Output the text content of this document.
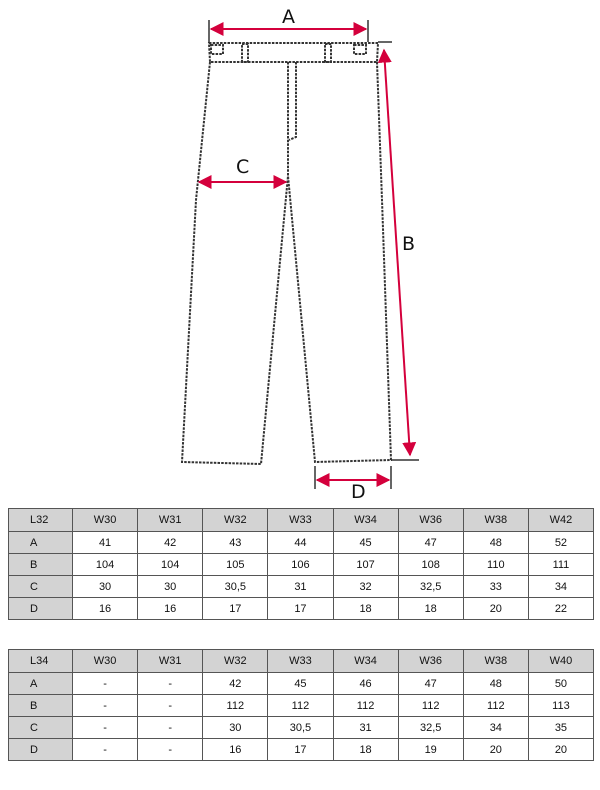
A
B
C
D
L32	W30	W31	W32	W33	W34	W36	W38	W42
A	41	42	43	44	45	47	48	52
B	104	104	105	106	107	108	110	111
C	30	30	30,5	31	32	32,5	33	34
D	16	16	17	17	18	18	20	22
L34	W30	W31	W32	W33	W34	W36	W38	W40
A	-	-	42	45	46	47	48	50
B	-	-	112	112	112	112	112	113
C	-	-	30	30,5	31	32,5	34	35
D	-	-	16	17	18	19	20	20
